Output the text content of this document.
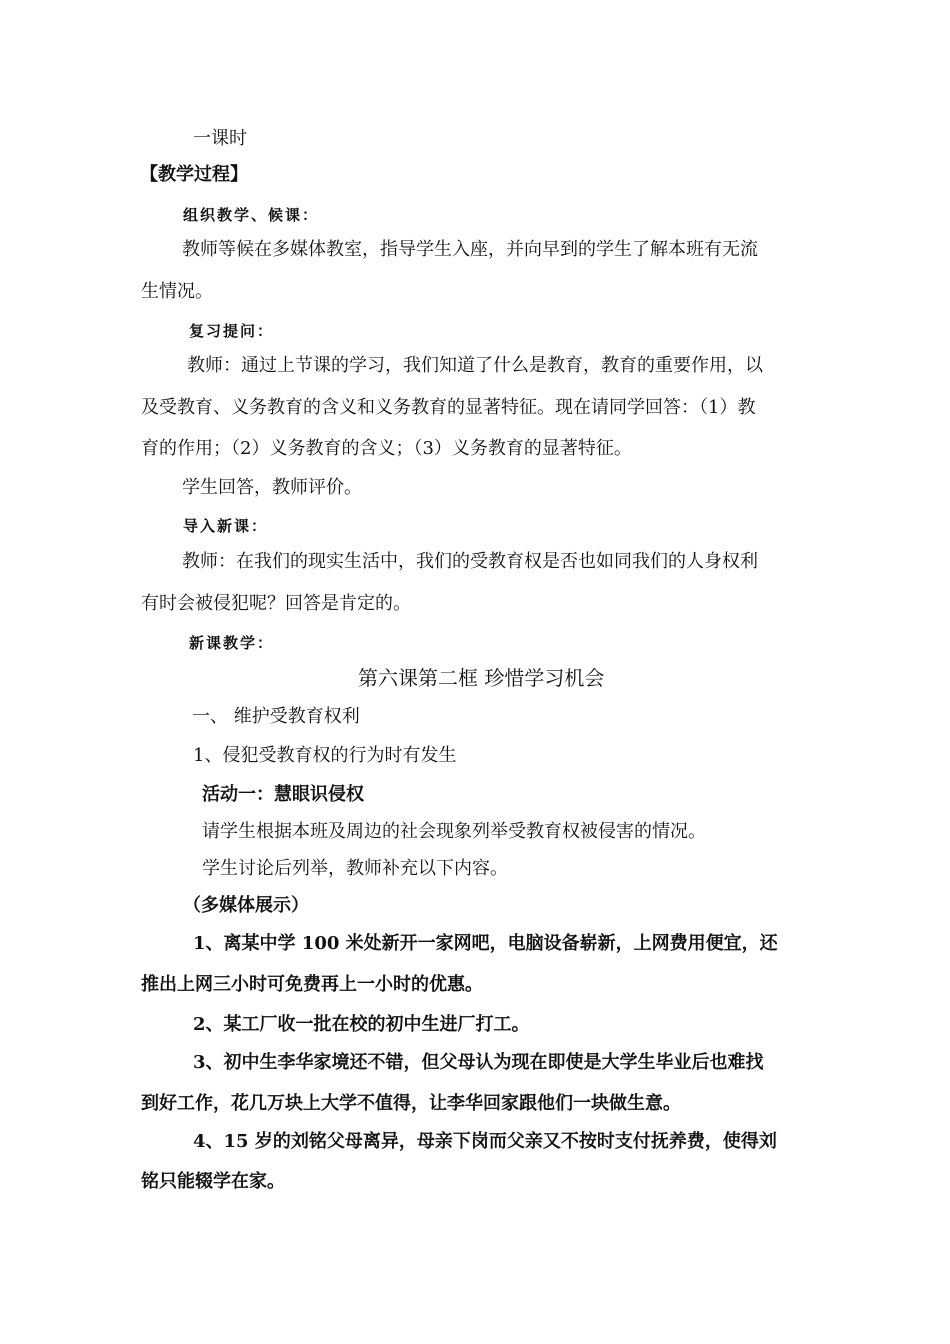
一课时
【教学过程】
组织教学、候课：
教师等候在多媒体教室，指导学生入座，并向早到的学生了解本班有无流
生情况。
复习提问：
教师：通过上节课的学习，我们知道了什么是教育，教育的重要作用，以
及受教育、义务教育的含义和义务教育的显著特征。现在请同学回答：（1）教
育的作用；（2）义务教育的含义；（3）义务教育的显著特征。
学生回答，教师评价。
导入新课：
教师：在我们的现实生活中，我们的受教育权是否也如同我们的人身权利
有时会被侵犯呢？回答是肯定的。
新课教学：
第六课第二框 珍惜学习机会
一、 维护受教育权利
1、侵犯受教育权的行为时有发生
活动一：慧眼识侵权
请学生根据本班及周边的社会现象列举受教育权被侵害的情况。
学生讨论后列举，教师补充以下内容。
（多媒体展示）
1、离某中学 100 米处新开一家网吧，电脑设备崭新，上网费用便宜，还
推出上网三小时可免费再上一小时的优惠。
2、某工厂收一批在校的初中生进厂打工。
3、初中生李华家境还不错，但父母认为现在即使是大学生毕业后也难找
到好工作，花几万块上大学不值得，让李华回家跟他们一块做生意。
4、15 岁的刘铭父母离异，母亲下岗而父亲又不按时支付抚养费，使得刘
铭只能辍学在家。
